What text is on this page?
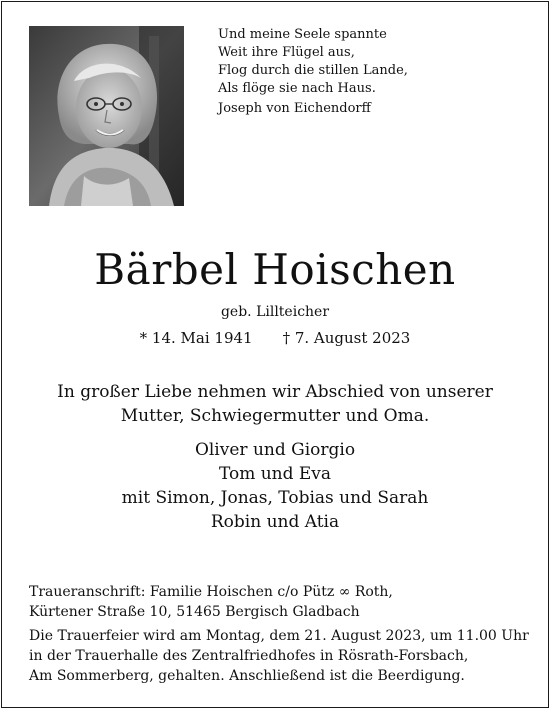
Und meine Seele spannte
Weit ihre Flügel aus,
Flog durch die stillen Lande,
Als flöge sie nach Haus.
Joseph von Eichendorff
Bärbel Hoischen
geb. Lillteicher
* 14. Mai 1941 † 7. August 2023
In großer Liebe nehmen wir Abschied von unserer
Mutter, Schwiegermutter und Oma.
Oliver und Giorgio
Tom und Eva
mit Simon, Jonas, Tobias und Sarah
Robin und Atia
Traueranschrift: Familie Hoischen c/o Pütz ∞ Roth,
Kürtener Straße 10, 51465 Bergisch Gladbach
Die Trauerfeier wird am Montag, dem 21. August 2023, um 11.00 Uhr
in der Trauerhalle des Zentralfriedhofes in Rösrath-Forsbach,
Am Sommerberg, gehalten. Anschließend ist die Beerdigung.
